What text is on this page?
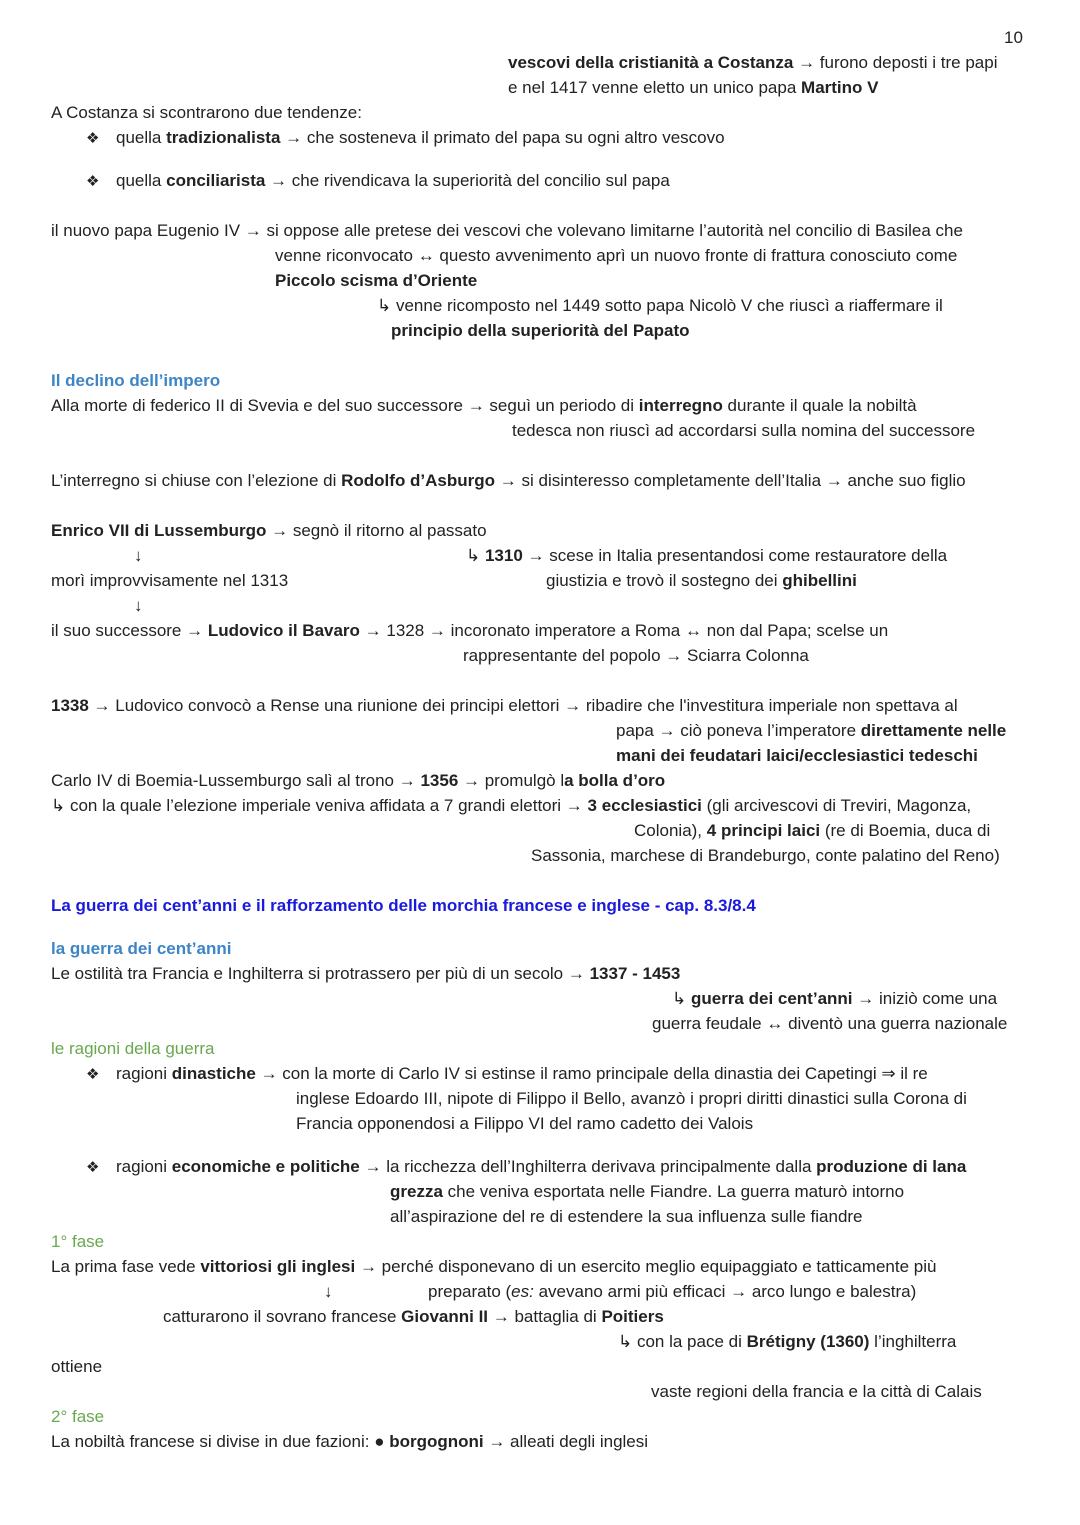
10
vescovi della cristianità a Costanza → furono deposti i tre papi
e nel 1417 venne eletto un unico papa Martino V
A Costanza si scontrarono due tendenze:
❖ quella tradizionalista → che sosteneva il primato del papa su ogni altro vescovo
❖ quella conciliarista → che rivendicava la superiorità del concilio sul papa
il nuovo papa Eugenio IV → si oppose alle pretese dei vescovi che volevano limitarne l’autorità nel concilio di Basilea che
venne riconvocato ↔ questo avvenimento aprì un nuovo fronte di frattura conosciuto come
Piccolo scisma d’Oriente
↳ venne ricomposto nel 1449 sotto papa Nicolò V che riuscì a riaffermare il
principio della superiorità del Papato
Il declino dell’impero
Alla morte di federico II di Svevia e del suo successore → seguì un periodo di interregno durante il quale la nobiltà
tedesca non riuscì ad accordarsi sulla nomina del successore
L’interregno si chiuse con l’elezione di Rodolfo d’Asburgo → si disinteresso completamente dell’Italia → anche suo figlio
Enrico VII di Lussemburgo → segnò il ritorno al passato
↓	↳ 1310 → scese in Italia presentandosi come restauratore della
morì improvvisamente nel 1313	giustizia e trovò il sostegno dei ghibellini
↓
il suo successore → Ludovico il Bavaro → 1328 → incoronato imperatore a Roma ↔ non dal Papa; scelse un
rappresentante del popolo → Sciarra Colonna
1338 → Ludovico convocò a Rense una riunione dei principi elettori → ribadire che l'investitura imperiale non spettava al
papa → ciò poneva l’imperatore direttamente nelle
mani dei feudatari laici/ecclesiastici tedeschi
Carlo IV di Boemia-Lussemburgo salì al trono → 1356 → promulgò la bolla d’oro
↳ con la quale l’elezione imperiale veniva affidata a 7 grandi elettori → 3 ecclesiastici (gli arcivescovi di Treviri, Magonza,
Colonia), 4 principi laici (re di Boemia, duca di
Sassonia, marchese di Brandeburgo, conte palatino del Reno)
La guerra dei cent’anni e il rafforzamento delle morchia francese e inglese - cap. 8.3/8.4
la guerra dei cent’anni
Le ostilità tra Francia e Inghilterra si protrassero per più di un secolo → 1337 - 1453
↳ guerra dei cent’anni → iniziò come una
guerra feudale ↔ diventò una guerra nazionale
le ragioni della guerra
❖ ragioni dinastiche → con la morte di Carlo IV si estinse il ramo principale della dinastia dei Capetingi ⇒ il re
inglese Edoardo III, nipote di Filippo il Bello, avanzò i propri diritti dinastici sulla Corona di
Francia opponendosi a Filippo VI del ramo cadetto dei Valois
❖ ragioni economiche e politiche → la ricchezza dell’Inghilterra derivava principalmente dalla produzione di lana
grezza che veniva esportata nelle Fiandre. La guerra maturò intorno
all’aspirazione del re di estendere la sua influenza sulle fiandre
1° fase
La prima fase vede vittoriosi gli inglesi → perché disponevano di un esercito meglio equipaggiato e tatticamente più
↓	preparato (es: avevano armi più efficaci → arco lungo e balestra)
catturarono il sovrano francese Giovanni II → battaglia di Poitiers
↳ con la pace di Brétigny (1360) l’inghilterra
ottiene
vaste regioni della francia e la città di Calais
2° fase
La nobiltà francese si divise in due fazioni: ● borgognoni → alleati degli inglesi
